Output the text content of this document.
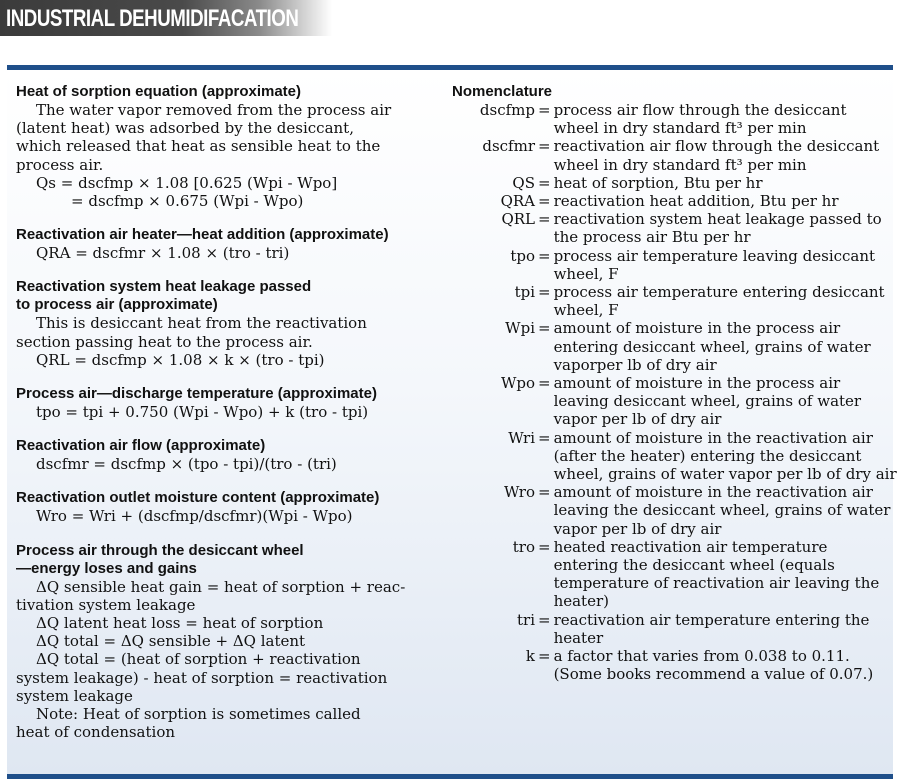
INDUSTRIAL DEHUMIDIFACATION
Heat of sorption equation (approximate)
The water vapor removed from the process air
(latent heat) was adsorbed by the desiccant,
which released that heat as sensible heat to the
process air.
Qs = dscfmp × 1.08 [0.625 (Wpi - Wpo]
= dscfmp × 0.675 (Wpi - Wpo)
Reactivation air heater—heat addition (approximate)
QRA = dscfmr × 1.08 × (tro - tri)
Reactivation system heat leakage passed
to process air (approximate)
This is desiccant heat from the reactivation
section passing heat to the process air.
QRL = dscfmp × 1.08 × k × (tro - tpi)
Process air—discharge temperature (approximate)
tpo = tpi + 0.750 (Wpi - Wpo) + k (tro - tpi)
Reactivation air flow (approximate)
dscfmr = dscfmp × (tpo - tpi)/(tro - (tri)
Reactivation outlet moisture content (approximate)
Wro = Wri + (dscfmp/dscfmr)(Wpi - Wpo)
Process air through the desiccant wheel
—energy loses and gains
ΔQ sensible heat gain = heat of sorption + reac-
tivation system leakage
ΔQ latent heat loss = heat of sorption
ΔQ total = ΔQ sensible + ΔQ latent
ΔQ total = (heat of sorption + reactivation
system leakage) - heat of sorption = reactivation
system leakage
Note: Heat of sorption is sometimes called
heat of condensation
Nomenclature
dscfmp = process air flow through the desiccant
wheel in dry standard ft³ per min
dscfmr = reactivation air flow through the desiccant
wheel in dry standard ft³ per min
QS = heat of sorption, Btu per hr
QRA = reactivation heat addition, Btu per hr
QRL = reactivation system heat leakage passed to
the process air Btu per hr
tpo = process air temperature leaving desiccant
wheel, F
tpi = process air temperature entering desiccant
wheel, F
Wpi = amount of moisture in the process air
entering desiccant wheel, grains of water
vaporper lb of dry air
Wpo = amount of moisture in the process air
leaving desiccant wheel, grains of water
vapor per lb of dry air
Wri = amount of moisture in the reactivation air
(after the heater) entering the desiccant
wheel, grains of water vapor per lb of dry air
Wro = amount of moisture in the reactivation air
leaving the desiccant wheel, grains of water
vapor per lb of dry air
tro = heated reactivation air temperature
entering the desiccant wheel (equals
temperature of reactivation air leaving the
heater)
tri = reactivation air temperature entering the
heater
k = a factor that varies from 0.038 to 0.11.
(Some books recommend a value of 0.07.)
